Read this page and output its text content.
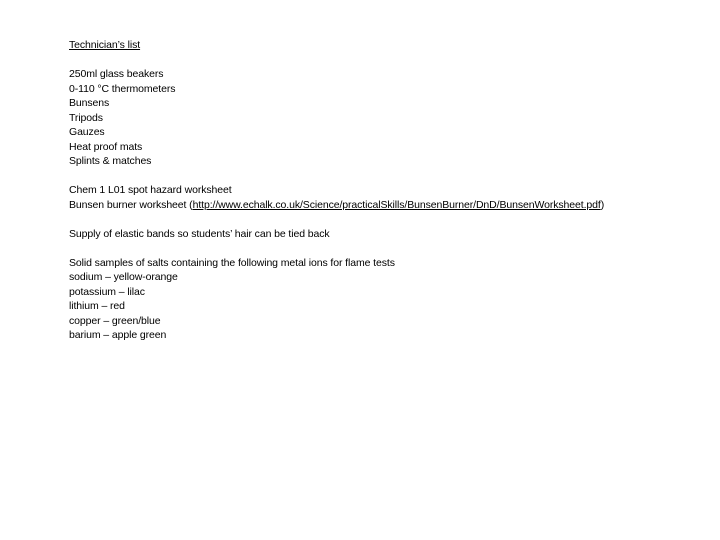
Technician’s list
250ml glass beakers
0-110 °C thermometers
Bunsens
Tripods
Gauzes
Heat proof mats
Splints & matches
Chem 1 L01 spot hazard worksheet
Bunsen burner worksheet (http://www.echalk.co.uk/Science/practicalSkills/BunsenBurner/DnD/BunsenWorksheet.pdf)
Supply of elastic bands so students’ hair can be tied back
Solid samples of salts containing the following metal ions for flame tests
sodium – yellow-orange
potassium – lilac
lithium – red
copper – green/blue
barium – apple green
